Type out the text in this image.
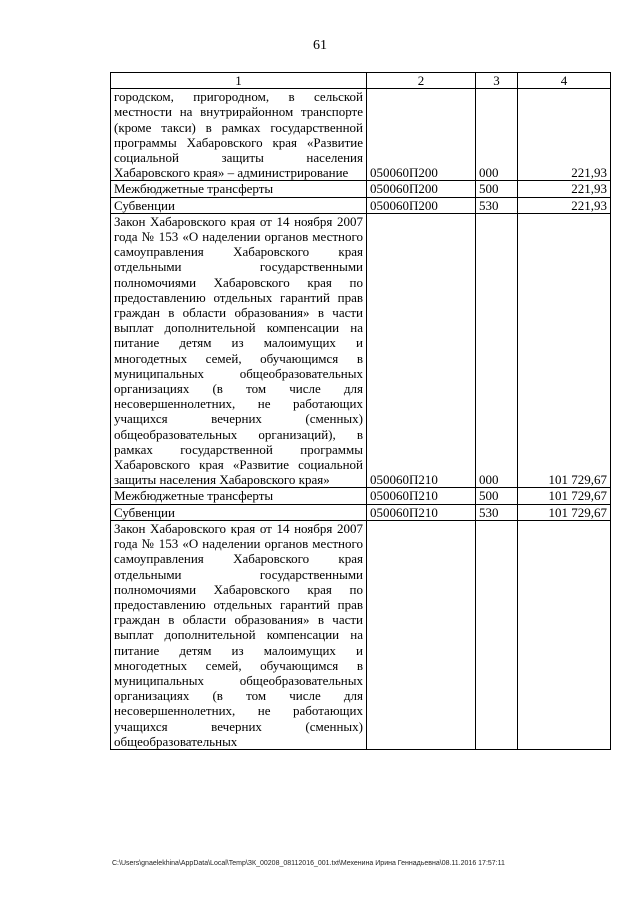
61
1	2	3	4
городском, пригородном, в сельской местности на внутрирайонном транспорте (кроме такси) в рамках государственной программы Хабаровского края «Развитие социальной защиты населения Хабаровского края» – администрирование	050060П200	000	221,93
Межбюджетные трансферты	050060П200	500	221,93
Субвенции	050060П200	530	221,93
Закон Хабаровского края от 14 ноября 2007 года № 153 «О наделении органов местного самоуправления Хабаровского края отдельными государственными полномочиями Хабаровского края по предоставлению отдельных гарантий прав граждан в области образования» в части выплат дополнительной компенсации на питание детям из малоимущих и многодетных семей, обучающимся в муниципальных общеобразовательных организациях (в том числе для несовершеннолетних, не работающих учащихся вечерних (сменных) общеобразовательных организаций), в рамках государственной программы Хабаровского края «Развитие социальной защиты населения Хабаровского края»	050060П210	000	101 729,67
Межбюджетные трансферты	050060П210	500	101 729,67
Субвенции	050060П210	530	101 729,67
Закон Хабаровского края от 14 ноября 2007 года № 153 «О наделении органов местного самоуправления Хабаровского края отдельными государственными полномочиями Хабаровского края по предоставлению отдельных гарантий прав граждан в области образования» в части выплат дополнительной компенсации на питание детям из малоимущих и многодетных семей, обучающимся в муниципальных общеобразовательных организациях (в том числе для несовершеннолетних, не работающих учащихся вечерних (сменных) общеобразовательных			
C:\Users\gnaelekhina\AppData\Local\Temp\ЗК_00208_08112016_001.txt\Мехенина Ирина Геннадьевна\08.11.2016 17:57:11
